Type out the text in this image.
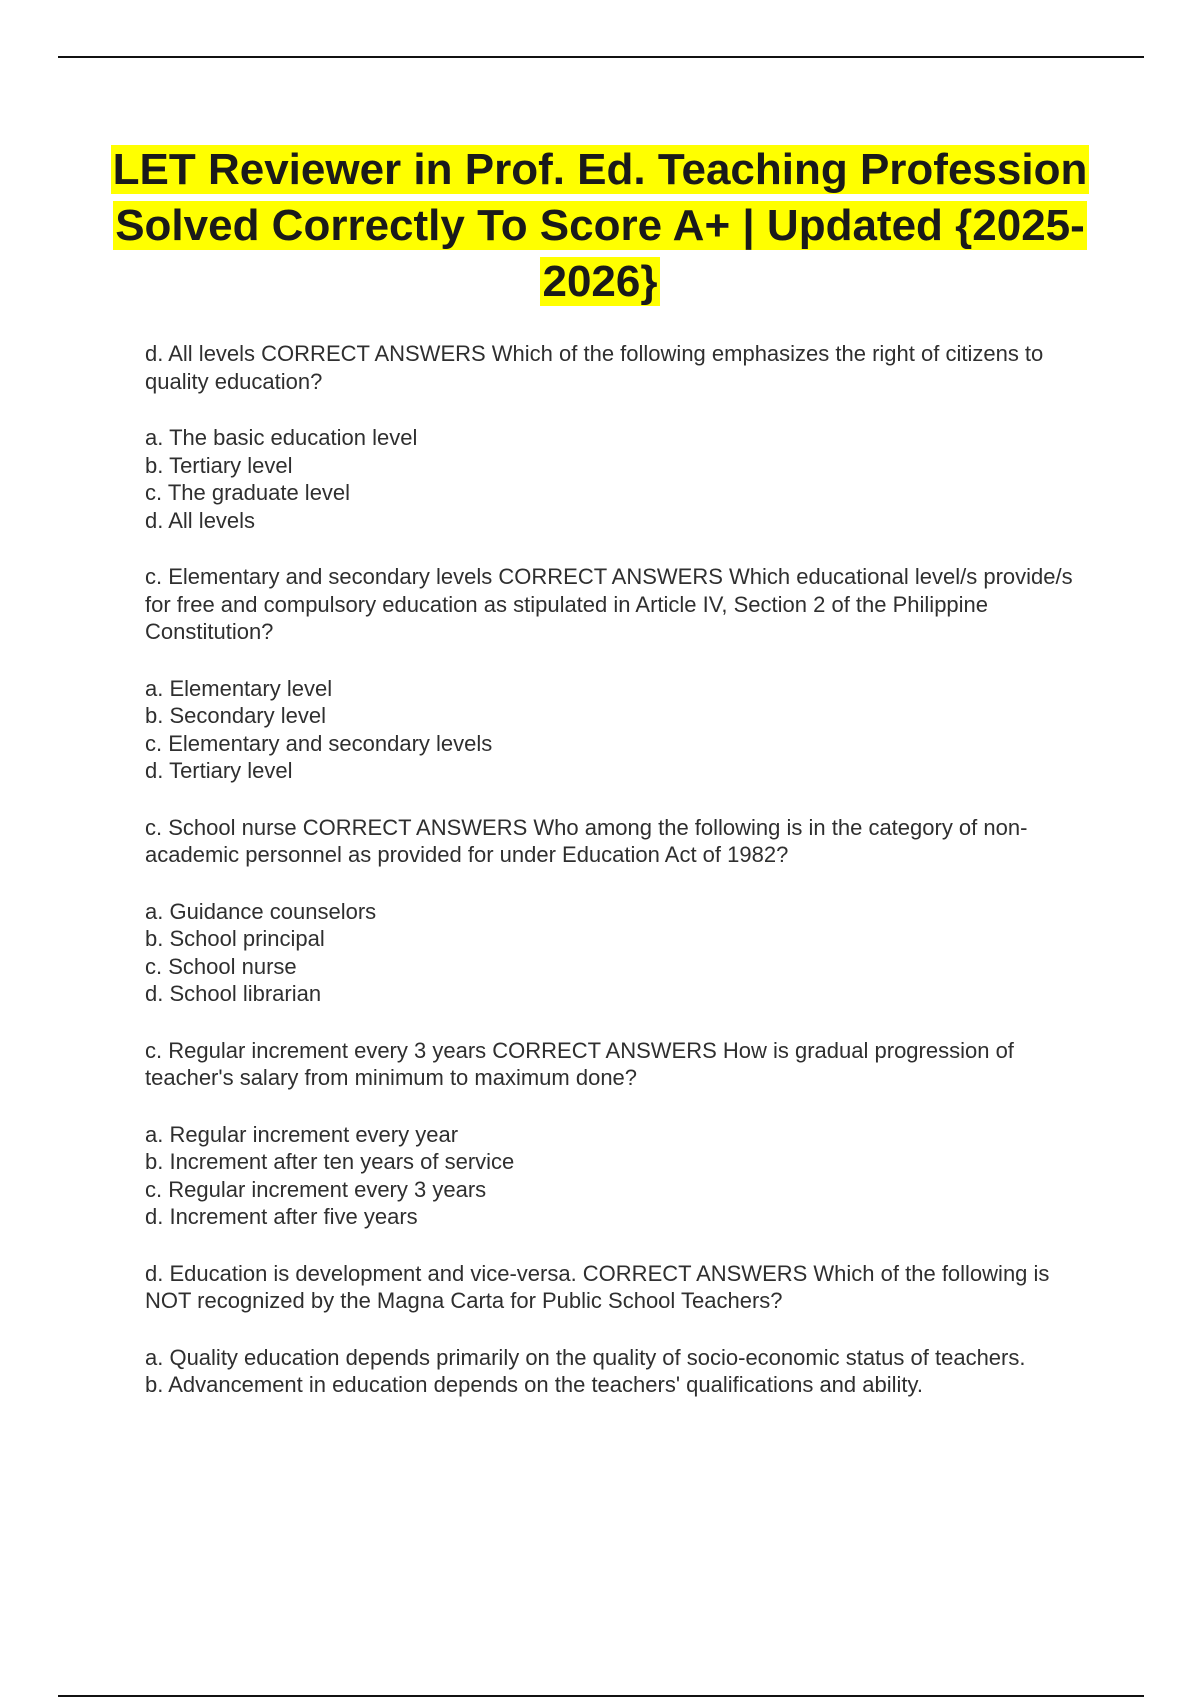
LET Reviewer in Prof. Ed. Teaching Profession Solved Correctly To Score A+ | Updated {2025-2026}

d. All levels CORRECT ANSWERS Which of the following emphasizes the right of citizens to quality education?

a. The basic education level
b. Tertiary level
c. The graduate level
d. All levels

c. Elementary and secondary levels CORRECT ANSWERS Which educational level/s provide/s for free and compulsory education as stipulated in Article IV, Section 2 of the Philippine Constitution?

a. Elementary level
b. Secondary level
c. Elementary and secondary levels
d. Tertiary level

c. School nurse CORRECT ANSWERS Who among the following is in the category of non-academic personnel as provided for under Education Act of 1982?

a. Guidance counselors
b. School principal
c. School nurse
d. School librarian

c. Regular increment every 3 years CORRECT ANSWERS How is gradual progression of teacher's salary from minimum to maximum done?

a. Regular increment every year
b. Increment after ten years of service
c. Regular increment every 3 years
d. Increment after five years

d. Education is development and vice-versa. CORRECT ANSWERS Which of the following is NOT recognized by the Magna Carta for Public School Teachers?

a. Quality education depends primarily on the quality of socio-economic status of teachers.
b. Advancement in education depends on the teachers' qualifications and ability.
